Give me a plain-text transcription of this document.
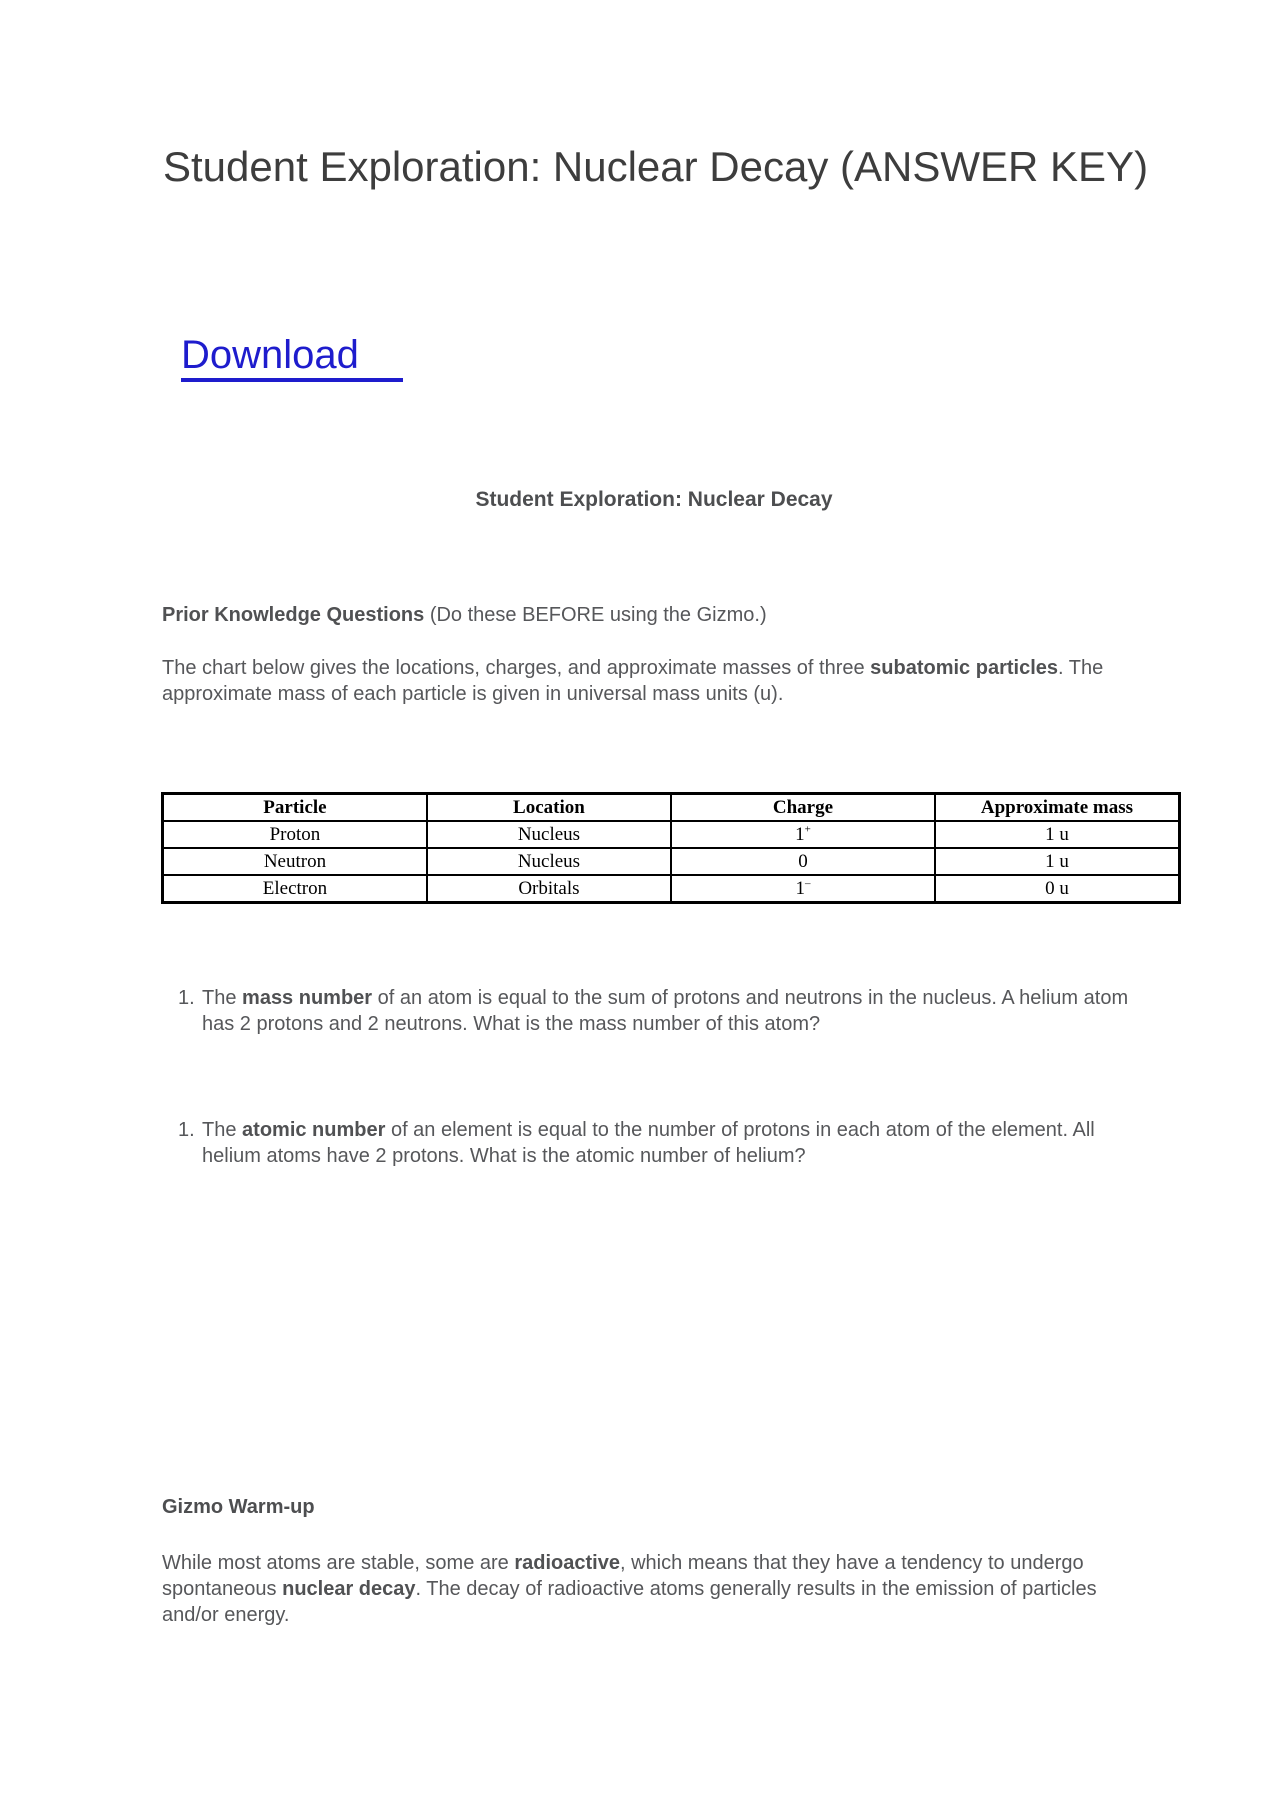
Student Exploration: Nuclear Decay (ANSWER KEY)
Download
Student Exploration: Nuclear Decay
Prior Knowledge Questions (Do these BEFORE using the Gizmo.)
The chart below gives the locations, charges, and approximate masses of three subatomic particles. The approximate mass of each particle is given in universal mass units (u).
Particle	Location	Charge	Approximate mass
Proton	Nucleus	1+	1 u
Neutron	Nucleus	0	1 u
Electron	Orbitals	1–	0 u
1. The mass number of an atom is equal to the sum of protons and neutrons in the nucleus. A helium atom has 2 protons and 2 neutrons. What is the mass number of this atom?
1. The atomic number of an element is equal to the number of protons in each atom of the element. All helium atoms have 2 protons. What is the atomic number of helium?
Gizmo Warm-up
While most atoms are stable, some are radioactive, which means that they have a tendency to undergo spontaneous nuclear decay. The decay of radioactive atoms generally results in the emission of particles and/or energy.
